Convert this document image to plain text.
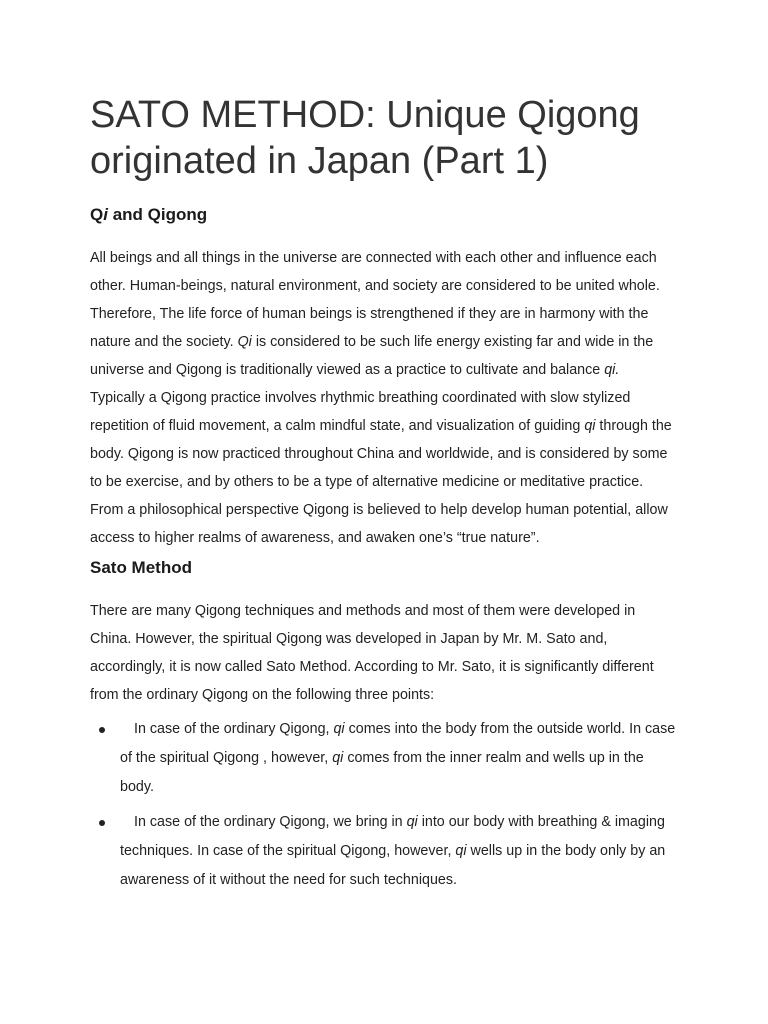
SATO METHOD: Unique Qigong originated in Japan (Part 1)
Qi and Qigong

All beings and all things in the universe are connected with each other and influence each other. Human-beings, natural environment, and society are considered to be united whole. Therefore, The life force of human beings is strengthened if they are in harmony with the nature and the society. Qi is considered to be such life energy existing far and wide in the universe and Qigong is traditionally viewed as a practice to cultivate and balance qi. Typically a Qigong practice involves rhythmic breathing coordinated with slow stylized repetition of fluid movement, a calm mindful state, and visualization of guiding qi through the body. Qigong is now practiced throughout China and worldwide, and is considered by some to be exercise, and by others to be a type of alternative medicine or meditative practice. From a philosophical perspective Qigong is believed to help develop human potential, allow access to higher realms of awareness, and awaken one’s “true nature”.

Sato Method

There are many Qigong techniques and methods and most of them were developed in China. However, the spiritual Qigong was developed in Japan by Mr. M. Sato and, accordingly, it is now called Sato Method. According to Mr. Sato, it is significantly different from the ordinary Qigong on the following three points:

In case of the ordinary Qigong, qi comes into the body from the outside world. In case of the spiritual Qigong , however, qi comes from the inner realm and wells up in the body.
In case of the ordinary Qigong, we bring in qi into our body with breathing & imaging techniques. In case of the spiritual Qigong, however, qi wells up in the body only by an awareness of it without the need for such techniques.
